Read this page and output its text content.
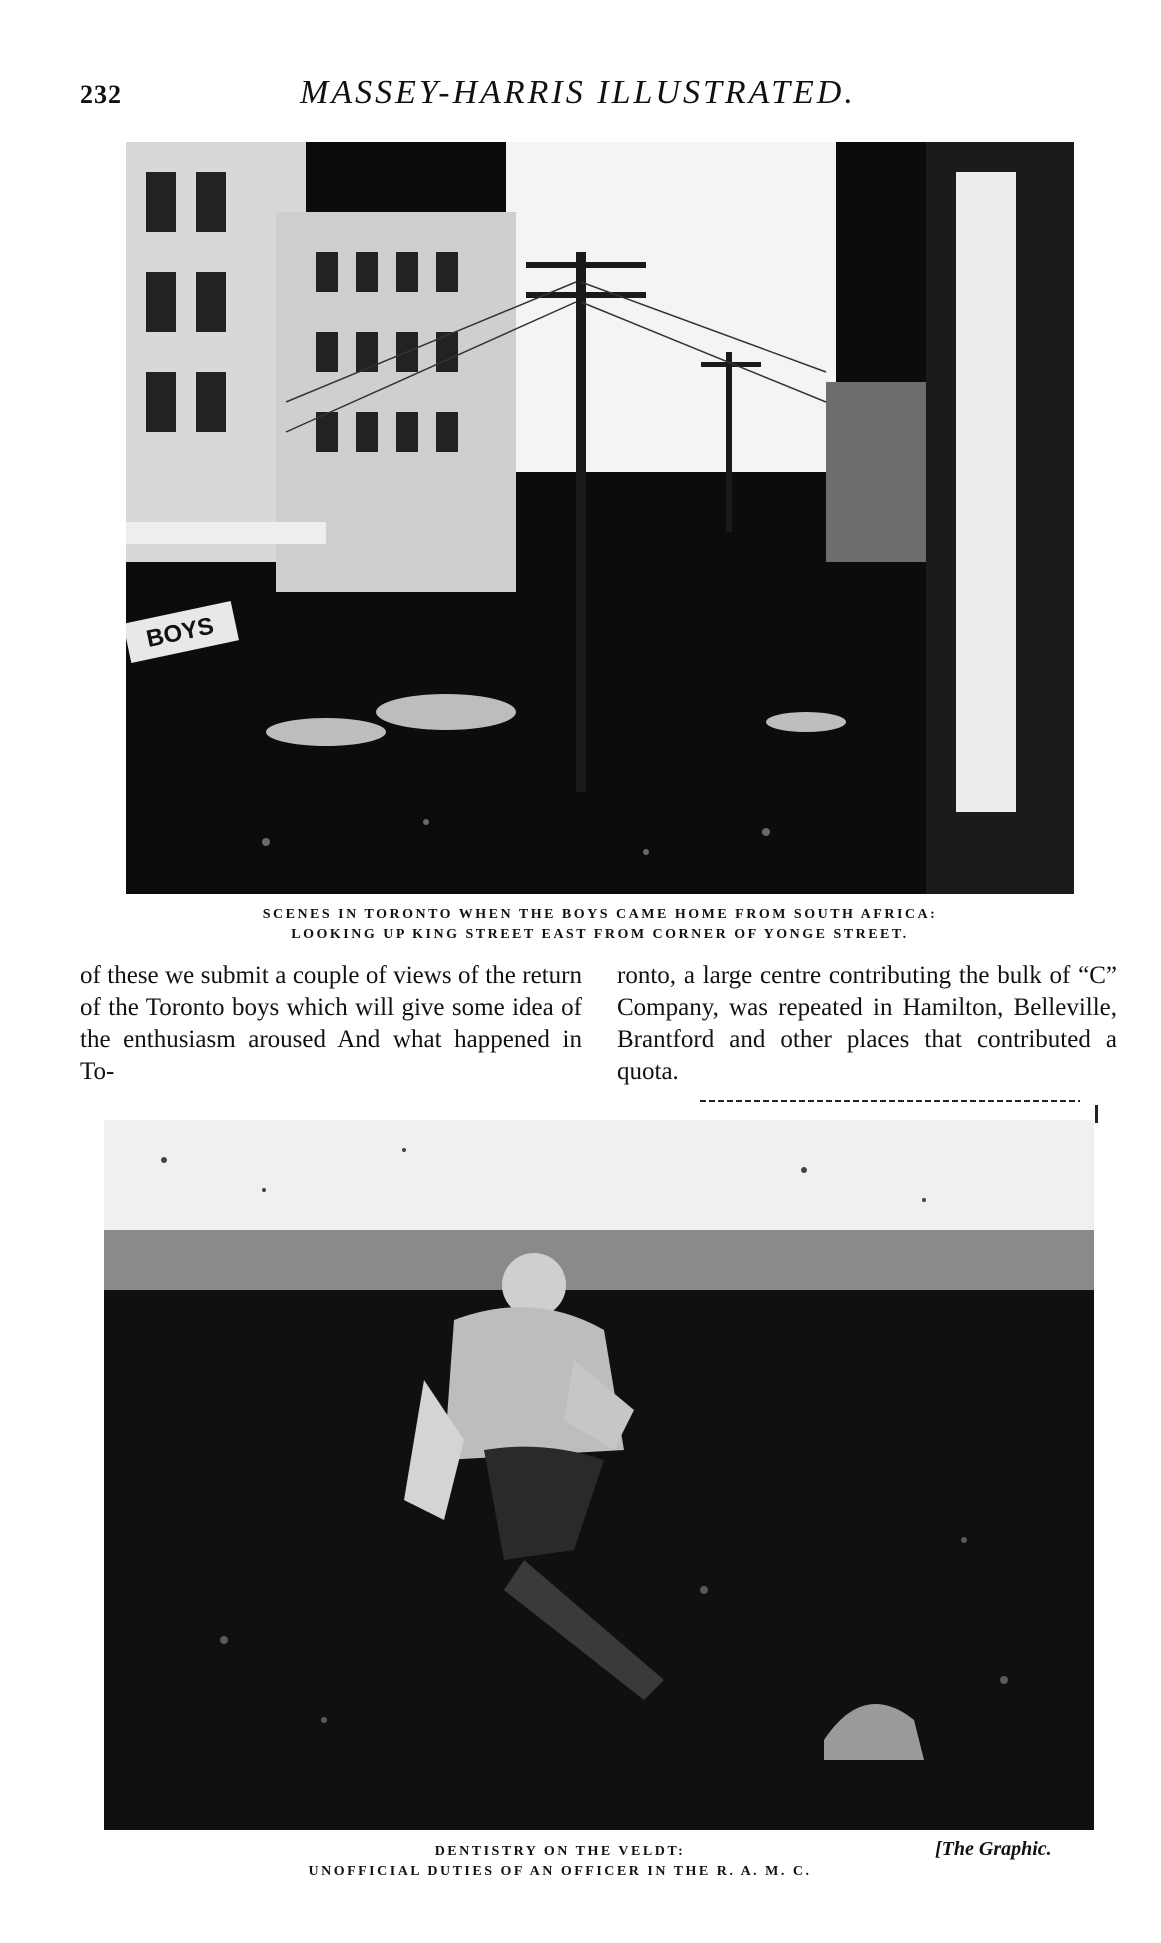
232	MASSEY-HARRIS ILLUSTRATED.
BOYS
SCENES IN TORONTO WHEN THE BOYS CAME HOME FROM SOUTH AFRICA:
LOOKING UP KING STREET EAST FROM CORNER OF YONGE STREET.
of these we submit a couple of views of the return of the Toronto boys which will give some idea of the enthusiasm aroused And what happened in To-
ronto, a large centre contributing the bulk of “C” Company, was repeated in Hamilton, Belleville, Brantford and other places that contributed a quota.
DENTISTRY ON THE VELDT:
UNOFFICIAL DUTIES OF AN OFFICER IN THE R. A. M. C.
[The Graphic.
